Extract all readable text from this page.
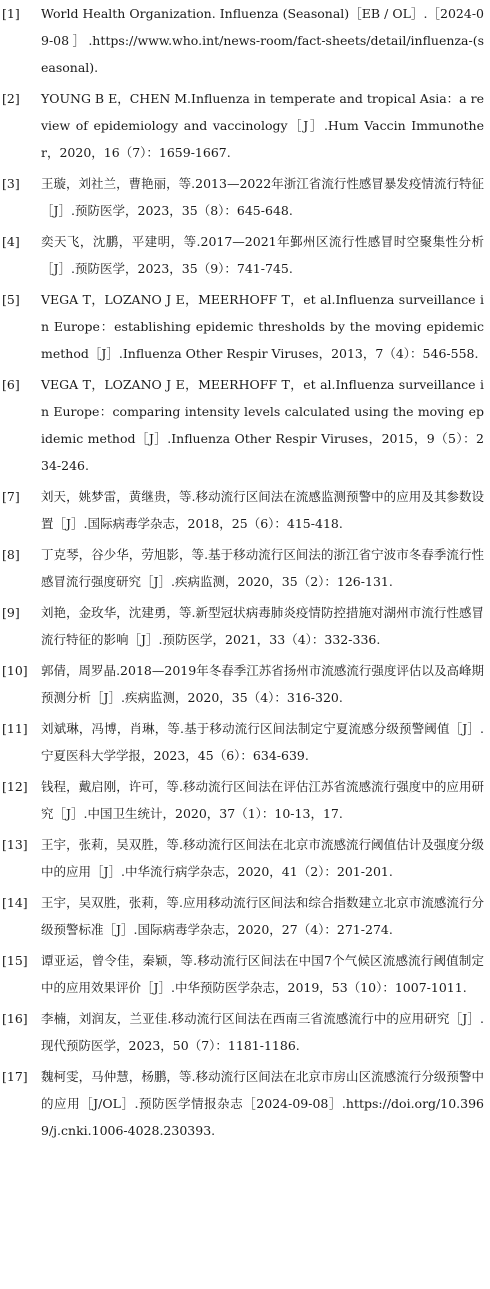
[1]	World Health Organization. Influenza (Seasonal)［EB / OL］.［2024-09-08］.https://www.who.int/news-room/fact-sheets/detail/influenza-(seasonal).
[2]	YOUNG B E，CHEN M.Influenza in temperate and tropical Asia：a review of epidemiology and vaccinology［J］.Hum Vaccin Immunother，2020，16（7）：1659-1667.
[3]	王璇，刘社兰，曹艳丽，等.2013—2022年浙江省流行性感冒暴发疫情流行特征［J］.预防医学，2023，35（8）：645-648.
[4]	奕天飞，沈鹏，平建明，等.2017—2021年鄞州区流行性感冒时空聚集性分析［J］.预防医学，2023，35（9）：741-745.
[5]	VEGA T，LOZANO J E，MEERHOFF T，et al.Influenza surveillance in Europe：establishing epidemic thresholds by the moving epidemic method［J］.Influenza Other Respir Viruses，2013，7（4）：546-558.
[6]	VEGA T，LOZANO J E，MEERHOFF T，et al.Influenza surveillance in Europe：comparing intensity levels calculated using the moving epidemic method［J］.Influenza Other Respir Viruses，2015，9（5）：234-246.
[7]	刘天，姚梦雷，黄继贵，等.移动流行区间法在流感监测预警中的应用及其参数设置［J］.国际病毒学杂志，2018，25（6）：415-418.
[8]	丁克琴，谷少华，劳旭影，等.基于移动流行区间法的浙江省宁波市冬春季流行性感冒流行强度研究［J］.疾病监测，2020，35（2）：126-131.
[9]	刘艳，金玫华，沈建勇，等.新型冠状病毒肺炎疫情防控措施对湖州市流行性感冒流行特征的影响［J］.预防医学，2021，33（4）：332-336.
[10]	郭倩，周罗晶.2018—2019年冬春季江苏省扬州市流感流行强度评估以及高峰期预测分析［J］.疾病监测，2020，35（4）：316-320.
[11]	刘斌琳，冯博，肖琳，等.基于移动流行区间法制定宁夏流感分级预警阈值［J］.宁夏医科大学学报，2023，45（6）：634-639.
[12]	钱程，戴启刚，许可，等.移动流行区间法在评估江苏省流感流行强度中的应用研究［J］.中国卫生统计，2020，37（1）：10-13，17.
[13]	王宇，张莉，吴双胜，等.移动流行区间法在北京市流感流行阈值估计及强度分级中的应用［J］.中华流行病学杂志，2020，41（2）：201-201.
[14]	王宇，吴双胜，张莉，等.应用移动流行区间法和综合指数建立北京市流感流行分级预警标准［J］.国际病毒学杂志，2020，27（4）：271-274.
[15]	谭亚运，曾令佳，秦颖，等.移动流行区间法在中国7个气候区流感流行阈值制定中的应用效果评价［J］.中华预防医学杂志，2019，53（10）：1007-1011.
[16]	李楠，刘润友，兰亚佳.移动流行区间法在西南三省流感流行中的应用研究［J］.现代预防医学，2023，50（7）：1181-1186.
[17]	魏柯雯，马仲慧，杨鹏，等.移动流行区间法在北京市房山区流感流行分级预警中的应用［J/OL］.预防医学情报杂志［2024-09-08］.https://doi.org/10.3969/j.cnki.1006-4028.230393.
